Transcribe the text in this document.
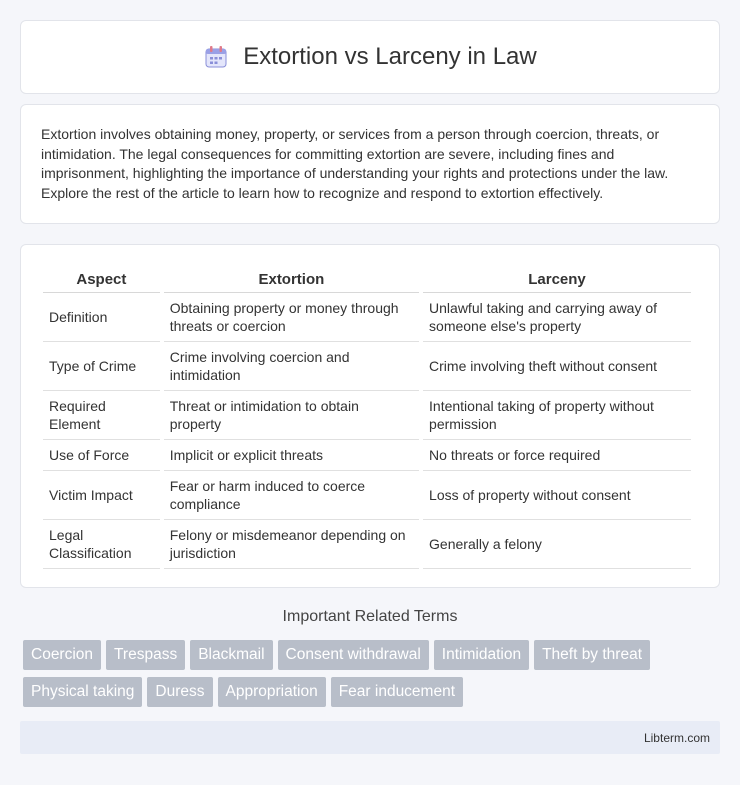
Extortion vs Larceny in Law

Extortion involves obtaining money, property, or services from a person through coercion, threats, or intimidation. The legal consequences for committing extortion are severe, including fines and imprisonment, highlighting the importance of understanding your rights and protections under the law. Explore the rest of the article to learn how to recognize and respond to extortion effectively.

Aspect	Extortion	Larceny
Definition	Obtaining property or money through threats or coercion	Unlawful taking and carrying away of someone else's property
Type of Crime	Crime involving coercion and intimidation	Crime involving theft without consent
Required Element	Threat or intimidation to obtain property	Intentional taking of property without permission
Use of Force	Implicit or explicit threats	No threats or force required
Victim Impact	Fear or harm induced to coerce compliance	Loss of property without consent
Legal Classification	Felony or misdemeanor depending on jurisdiction	Generally a felony
Important Related Terms
Coercion	Trespass	Blackmail	Consent withdrawal	Intimidation	Theft by threat
Physical taking	Duress	Appropriation	Fear inducement
Libterm.com
